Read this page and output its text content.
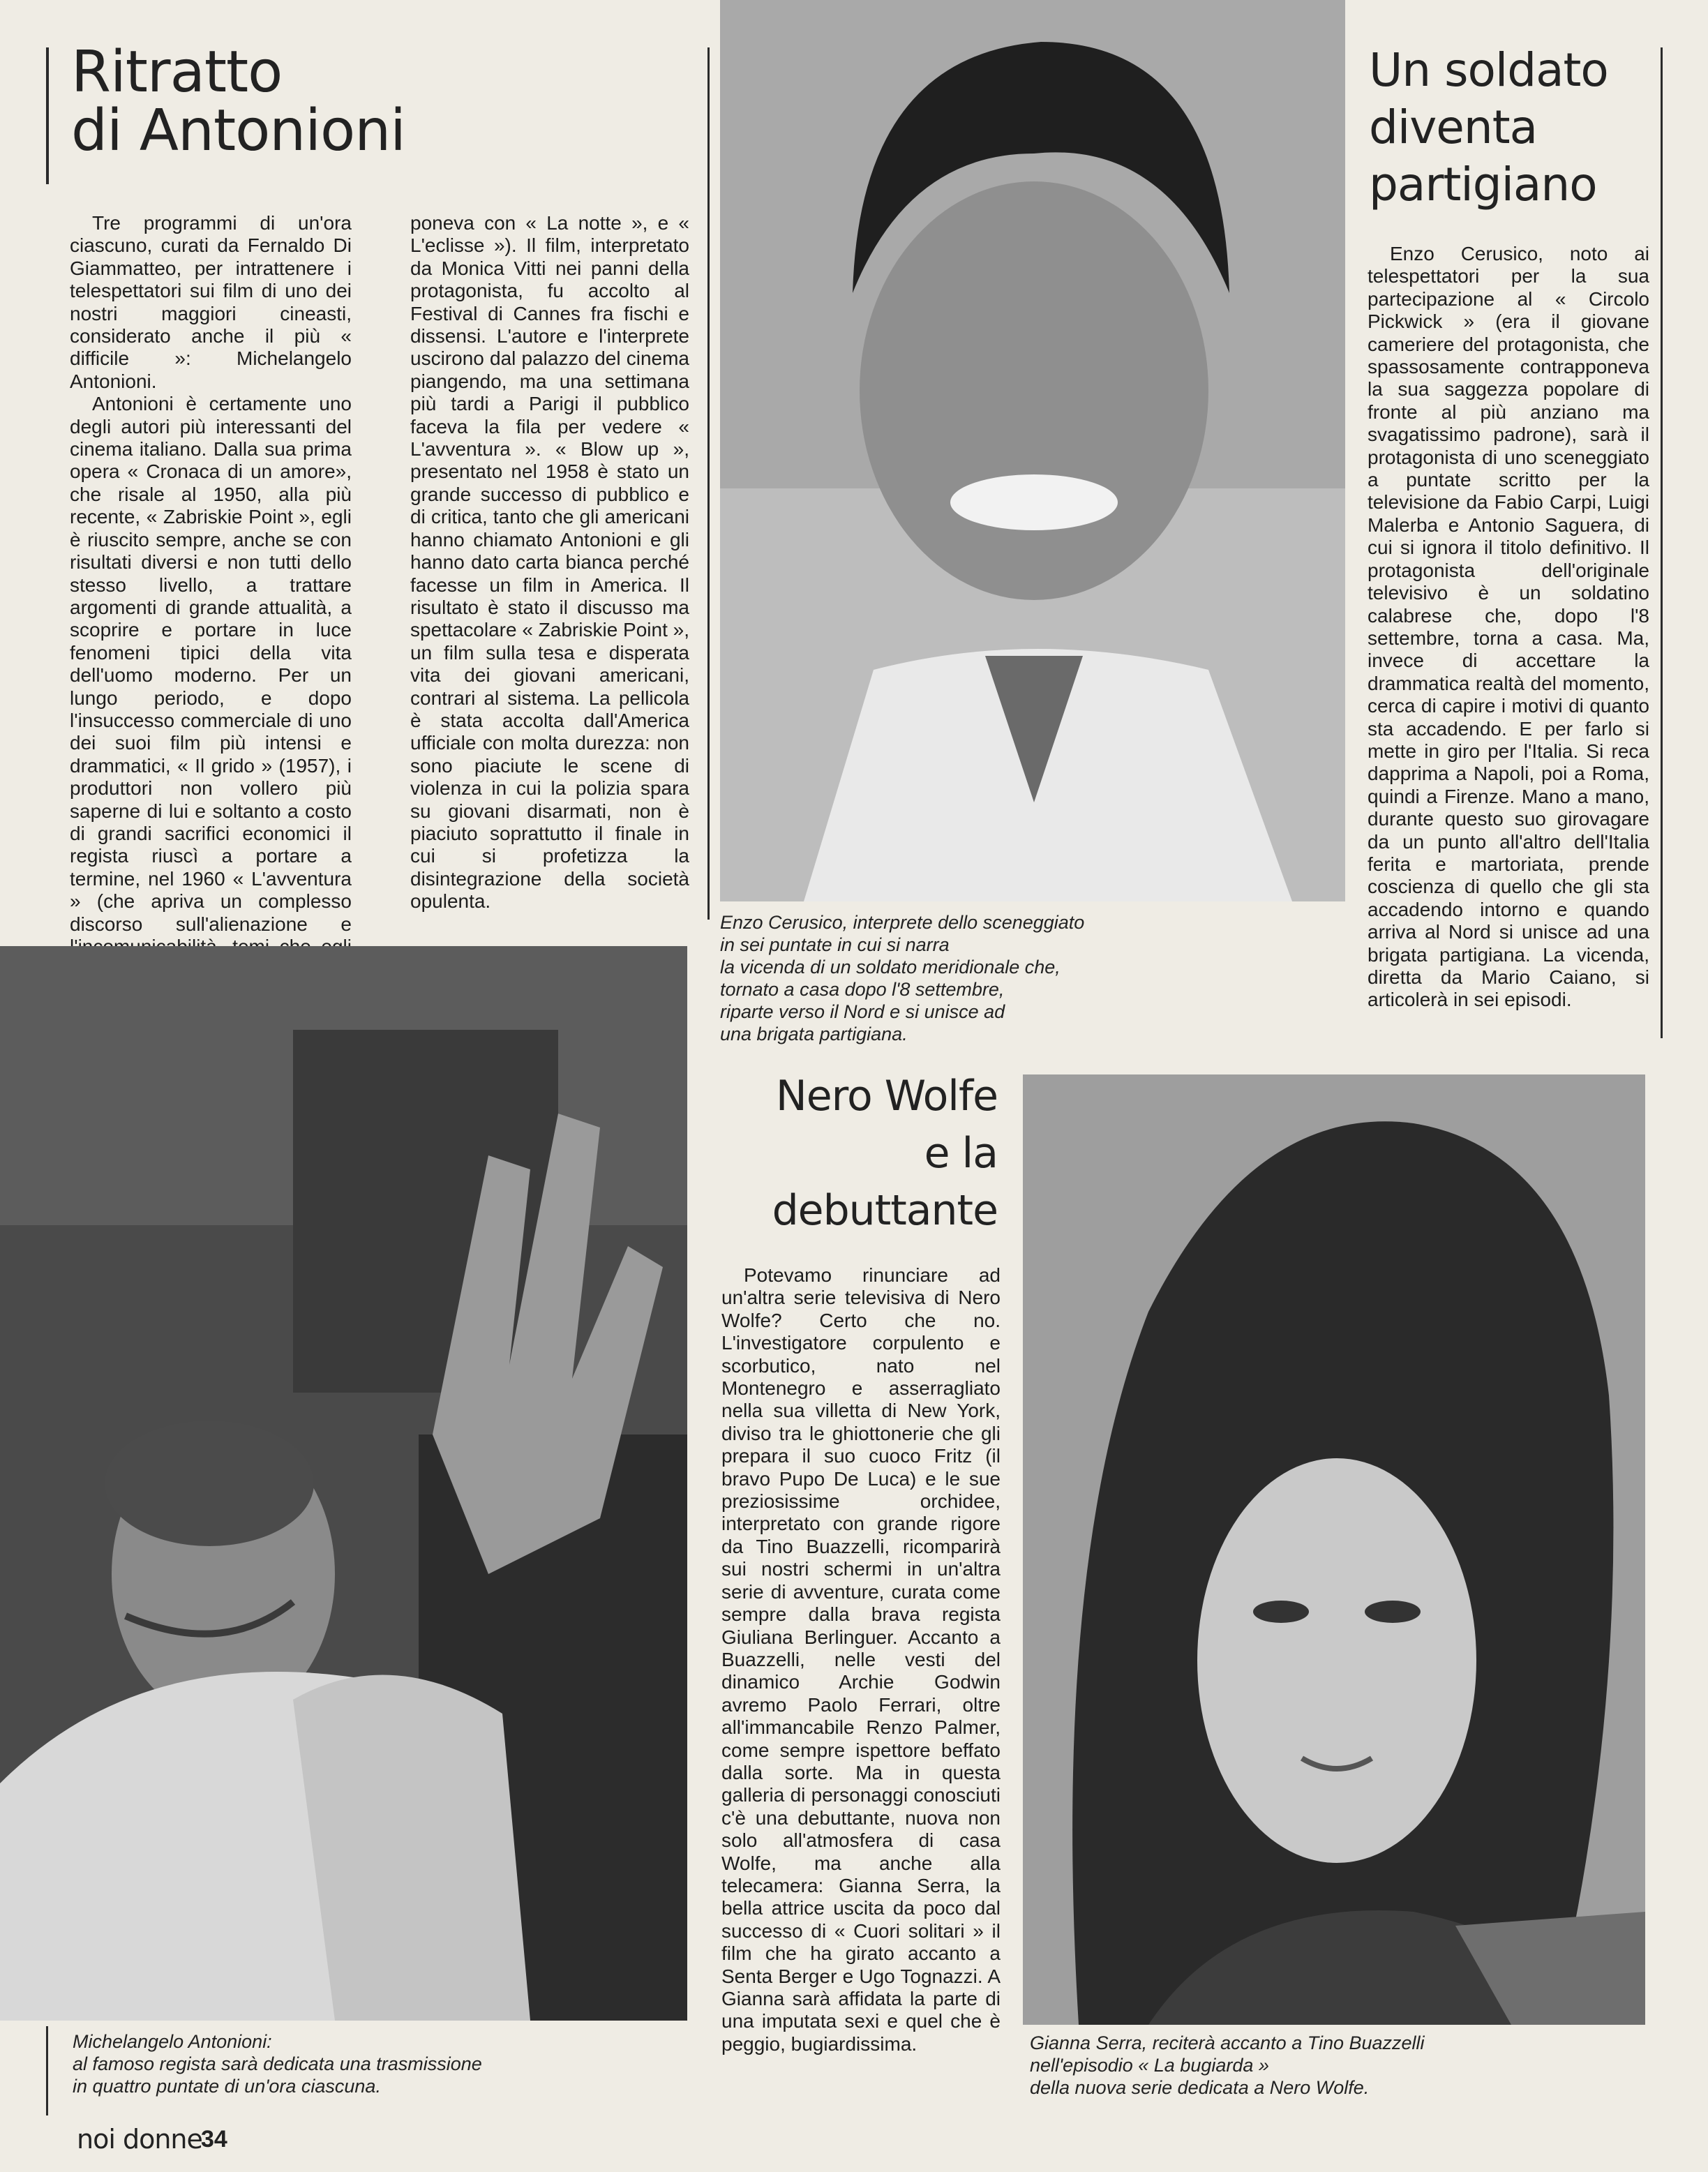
Ritratto
di Antonioni

Tre programmi di un'ora ciascuno, curati da Fernaldo Di Giammatteo, per intrattenere i telespettatori sui film di uno dei nostri maggiori cineasti, considerato anche il più « difficile »: Michelangelo Antonioni.

Antonioni è certamente uno degli autori più interessanti del cinema italiano. Dalla sua prima opera « Cronaca di un amore», che risale al 1950, alla più recente, « Zabriskie Point », egli è riuscito sempre, anche se con risultati diversi e non tutti dello stesso livello, a trattare argomenti di grande attualità, a scoprire e portare in luce fenomeni tipici della vita dell'uomo moderno. Per un lungo periodo, e dopo l'insuccesso commerciale di uno dei suoi film più intensi e drammatici, « Il grido » (1957), i produttori non vollero più saperne di lui e soltanto a costo di grandi sacrifici economici il regista riuscì a portare a termine, nel 1960 « L'avventura » (che apriva un complesso discorso sull'alienazione e

poneva con « La notte », e « L'eclisse »). Il film, interpretato da Monica Vitti nei panni della protagonista, fu accolto al Festival di Cannes fra fischi e dissensi. L'autore e l'interprete uscirono dal palazzo del cinema piangendo, ma una settimana più tardi a Parigi il pubblico faceva la fila per vedere « L'avventura ». « Blow up », presentato nel 1958 è stato un grande successo di pubblico e di critica, tanto che gli americani hanno chiamato Antonioni e gli hanno dato carta bianca perché facesse un film in America. Il risultato è stato il discusso ma spettacolare « Zabriskie Point », un film sulla tesa e disperata vita dei giovani americani, contrari al sistema. La pellicola è stata accolta dall'America ufficiale con molta durezza: non sono piaciute le scene di violenza in cui la polizia spara su giovani disarmati, non è piaciuto soprattutto il finale in cui si profetizza la disintegrazione della società opulenta.

Michelangelo Antonioni:
al famoso regista sarà dedicata una trasmissione
in quattro puntate di un'ora ciascuna.
Enzo Cerusico, interprete dello sceneggiato
in sei puntate in cui si narra
la vicenda di un soldato meridionale che,
tornato a casa dopo l'8 settembre,
riparte verso il Nord e si unisce ad
una brigata partigiana.
Un soldato
diventa
partigiano

Enzo Cerusico, noto ai telespettatori per la sua partecipazione al « Circolo Pickwick » (era il giovane cameriere del protagonista, che spassosamente contrapponeva la sua saggezza popolare di fronte al più anziano ma svagatissimo padrone), sarà il protagonista di uno sceneggiato a puntate scritto per la televisione da Fabio Carpi, Luigi Malerba e Antonio Saguera, di cui si ignora il titolo definitivo. Il protagonista dell'originale televisivo è un soldatino calabrese che, dopo l'8 settembre, torna a casa. Ma, invece di accettare la drammatica realtà del momento, cerca di capire i motivi di quanto sta accadendo. E per farlo si mette in giro per l'Italia. Si reca dapprima a Napoli, poi a Roma, quindi a Firenze. Mano a mano, durante questo suo girovagare da un punto all'altro dell'Italia ferita e martoriata, prende coscienza di quello che gli sta accadendo intorno e quando arriva al Nord si unisce ad una brigata partigiana. La vicenda, diretta da Mario Caiano, si articolerà in sei episodi.

Nero Wolfe
e la
debuttante

Potevamo rinunciare ad un'altra serie televisiva di Nero Wolfe? Certo che no. L'investigatore corpulento e scorbutico, nato nel Montenegro e asserragliato nella sua villetta di New York, diviso tra le ghiottonerie che gli prepara il suo cuoco Fritz (il bravo Pupo De Luca) e le sue preziosissime orchidee, interpretato con grande rigore da Tino Buazzelli, ricomparirà sui nostri schermi in un'altra serie di avventure, curata come sempre dalla brava regista Giuliana Berlinguer. Accanto a Buazzelli, nelle vesti del dinamico Archie Godwin avremo Paolo Ferrari, oltre all'immancabile Renzo Palmer, come sempre ispettore beffato dalla sorte. Ma in questa galleria di personaggi conosciuti c'è una debuttante, nuova non solo all'atmosfera di casa Wolfe, ma anche alla telecamera: Gianna Serra, la bella attrice uscita da poco dal successo di « Cuori solitari » il film che ha girato accanto a Senta Berger e Ugo Tognazzi. A Gianna sarà affidata la parte di una imputata sexi e quel che è peggio, bugiardissima.	Gianna Serra, reciterà accanto a Tino Buazzelli
nell'episodio « La bugiarda »
della nuova serie dedicata a Nero Wolfe.
noi donne
34
